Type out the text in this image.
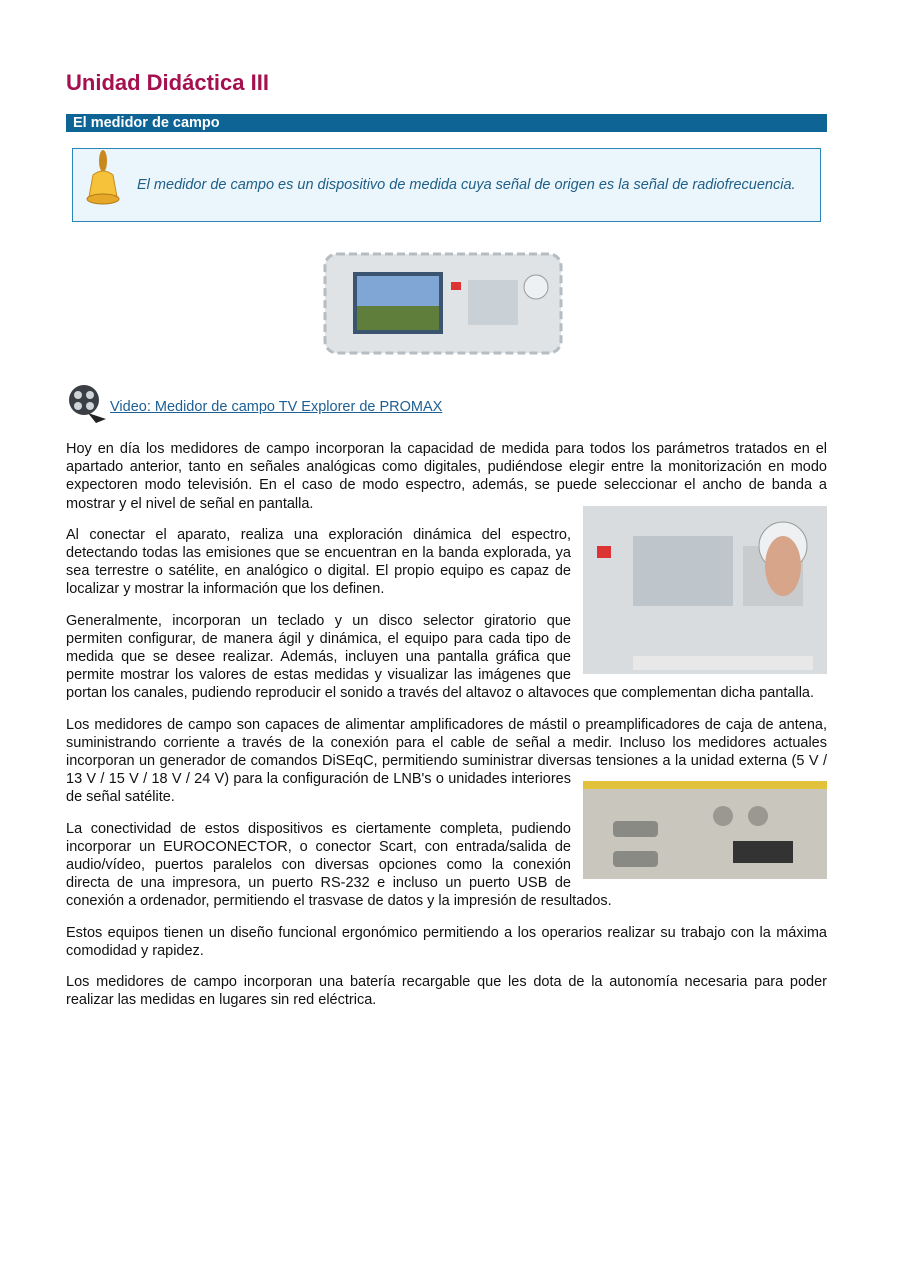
Unidad Didáctica III
El medidor de campo

El medidor de campo es un dispositivo de medida cuya señal de origen es la señal de radiofrecuencia.

Video: Medidor de campo TV Explorer de PROMAX

Hoy en día los medidores de campo incorporan la capacidad de medida para todos los parámetros tratados en el apartado anterior, tanto en señales analógicas como digitales, pudiéndose elegir entre la monitorización en modo expectoren modo televisión. En el caso de modo espectro, además, se puede seleccionar el ancho de banda a mostrar y el nivel de señal en pantalla.

Al conectar el aparato, realiza una exploración dinámica del espectro, detectando todas las emisiones que se encuentran en la banda explorada, ya sea terrestre o satélite, en analógico o digital. El propio equipo es capaz de localizar y mostrar la información que los definen.

Generalmente, incorporan un teclado y un disco selector giratorio que permiten configurar, de manera ágil y dinámica, el equipo para cada tipo de medida que se desee realizar. Además, incluyen una pantalla gráfica que permite mostrar los valores de estas medidas y visualizar las imágenes que portan los canales, pudiendo reproducir el sonido a través del altavoz o altavoces que complementan dicha pantalla.

Los medidores de campo son capaces de alimentar amplificadores de mástil o preamplificadores de caja de antena, suministrando corriente a través de la conexión para el cable de señal a medir. Incluso los medidores actuales incorporan un generador de comandos DiSEqC, permitiendo suministrar diversas tensiones a la unidad externa (5 V / 13 V / 15 V / 18 V / 24 V) para la configuración de LNB's o unidades interiores de señal satélite.

La conectividad de estos dispositivos es ciertamente completa, pudiendo incorporar un EUROCONECTOR, o conector Scart, con entrada/salida de audio/vídeo, puertos paralelos con diversas opciones como la conexión directa de una impresora, un puerto RS-232 e incluso un puerto USB de conexión a ordenador, permitiendo el trasvase de datos y la impresión de resultados.

Estos equipos tienen un diseño funcional ergonómico permitiendo a los operarios realizar su trabajo con la máxima comodidad y rapidez.

Los medidores de campo incorporan una batería recargable que les dota de la autonomía necesaria para poder realizar las medidas en lugares sin red eléctrica.
